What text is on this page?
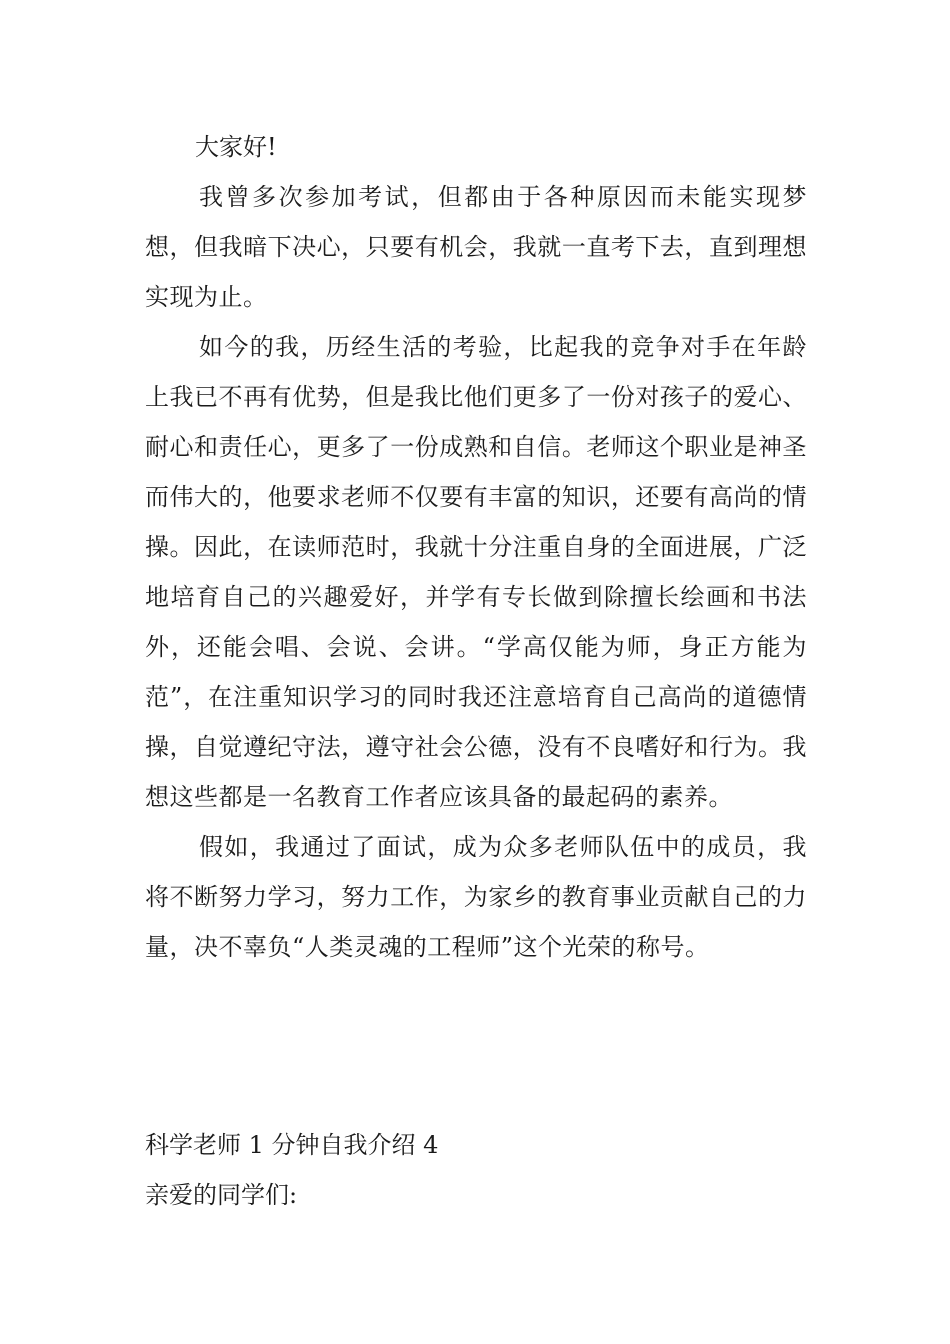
大家好!

我曾多次参加考试，但都由于各种原因而未能实现梦想，但我暗下决心，只要有机会，我就一直考下去，直到理想实现为止。

如今的我，历经生活的考验，比起我的竞争对手在年龄上我已不再有优势，但是我比他们更多了一份对孩子的爱心、耐心和责任心，更多了一份成熟和自信。老师这个职业是神圣而伟大的，他要求老师不仅要有丰富的知识，还要有高尚的情操。因此，在读师范时，我就十分注重自身的全面进展，广泛地培育自己的兴趣爱好，并学有专长做到除擅长绘画和书法外，还能会唱、会说、会讲。“学高仅能为师，身正方能为范”，在注重知识学习的同时我还注意培育自己高尚的道德情操，自觉遵纪守法，遵守社会公德，没有不良嗜好和行为。我想这些都是一名教育工作者应该具备的最起码的素养。

假如，我通过了面试，成为众多老师队伍中的成员，我将不断努力学习，努力工作，为家乡的教育事业贡献自己的力量，决不辜负“人类灵魂的工程师”这个光荣的称号。

科学老师 1 分钟自我介绍 4

亲爱的同学们:
